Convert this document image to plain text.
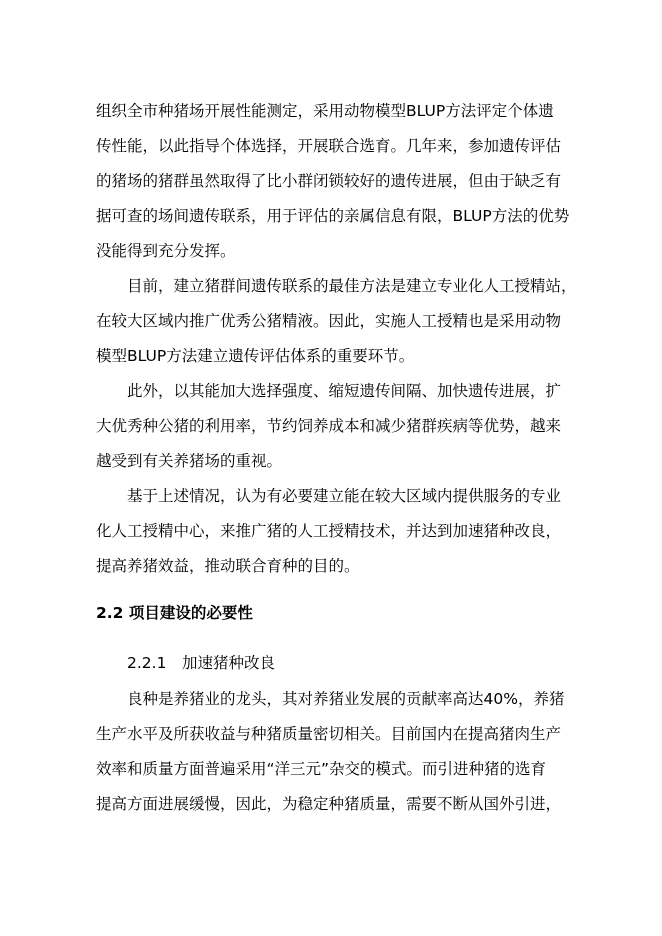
组织全市种猪场开展性能测定，采用动物模型BLUP方法评定个体遗
传性能，以此指导个体选择，开展联合选育。几年来，参加遗传评估
的猪场的猪群虽然取得了比小群闭锁较好的遗传进展，但由于缺乏有
据可查的场间遗传联系，用于评估的亲属信息有限，BLUP方法的优势
没能得到充分发挥。
目前，建立猪群间遗传联系的最佳方法是建立专业化人工授精站，
在较大区域内推广优秀公猪精液。因此，实施人工授精也是采用动物
模型BLUP方法建立遗传评估体系的重要环节。
此外，以其能加大选择强度、缩短遗传间隔、加快遗传进展，扩
大优秀种公猪的利用率，节约饲养成本和减少猪群疾病等优势，越来
越受到有关养猪场的重视。
基于上述情况，认为有必要建立能在较大区域内提供服务的专业
化人工授精中心，来推广猪的人工授精技术，并达到加速猪种改良，
提高养猪效益，推动联合育种的目的。
2.2 项目建设的必要性
2.2.1　加速猪种改良
良种是养猪业的龙头，其对养猪业发展的贡献率高达40%，养猪
生产水平及所获收益与种猪质量密切相关。目前国内在提高猪肉生产
效率和质量方面普遍采用“洋三元”杂交的模式。而引进种猪的选育
提高方面进展缓慢，因此，为稳定种猪质量，需要不断从国外引进，
